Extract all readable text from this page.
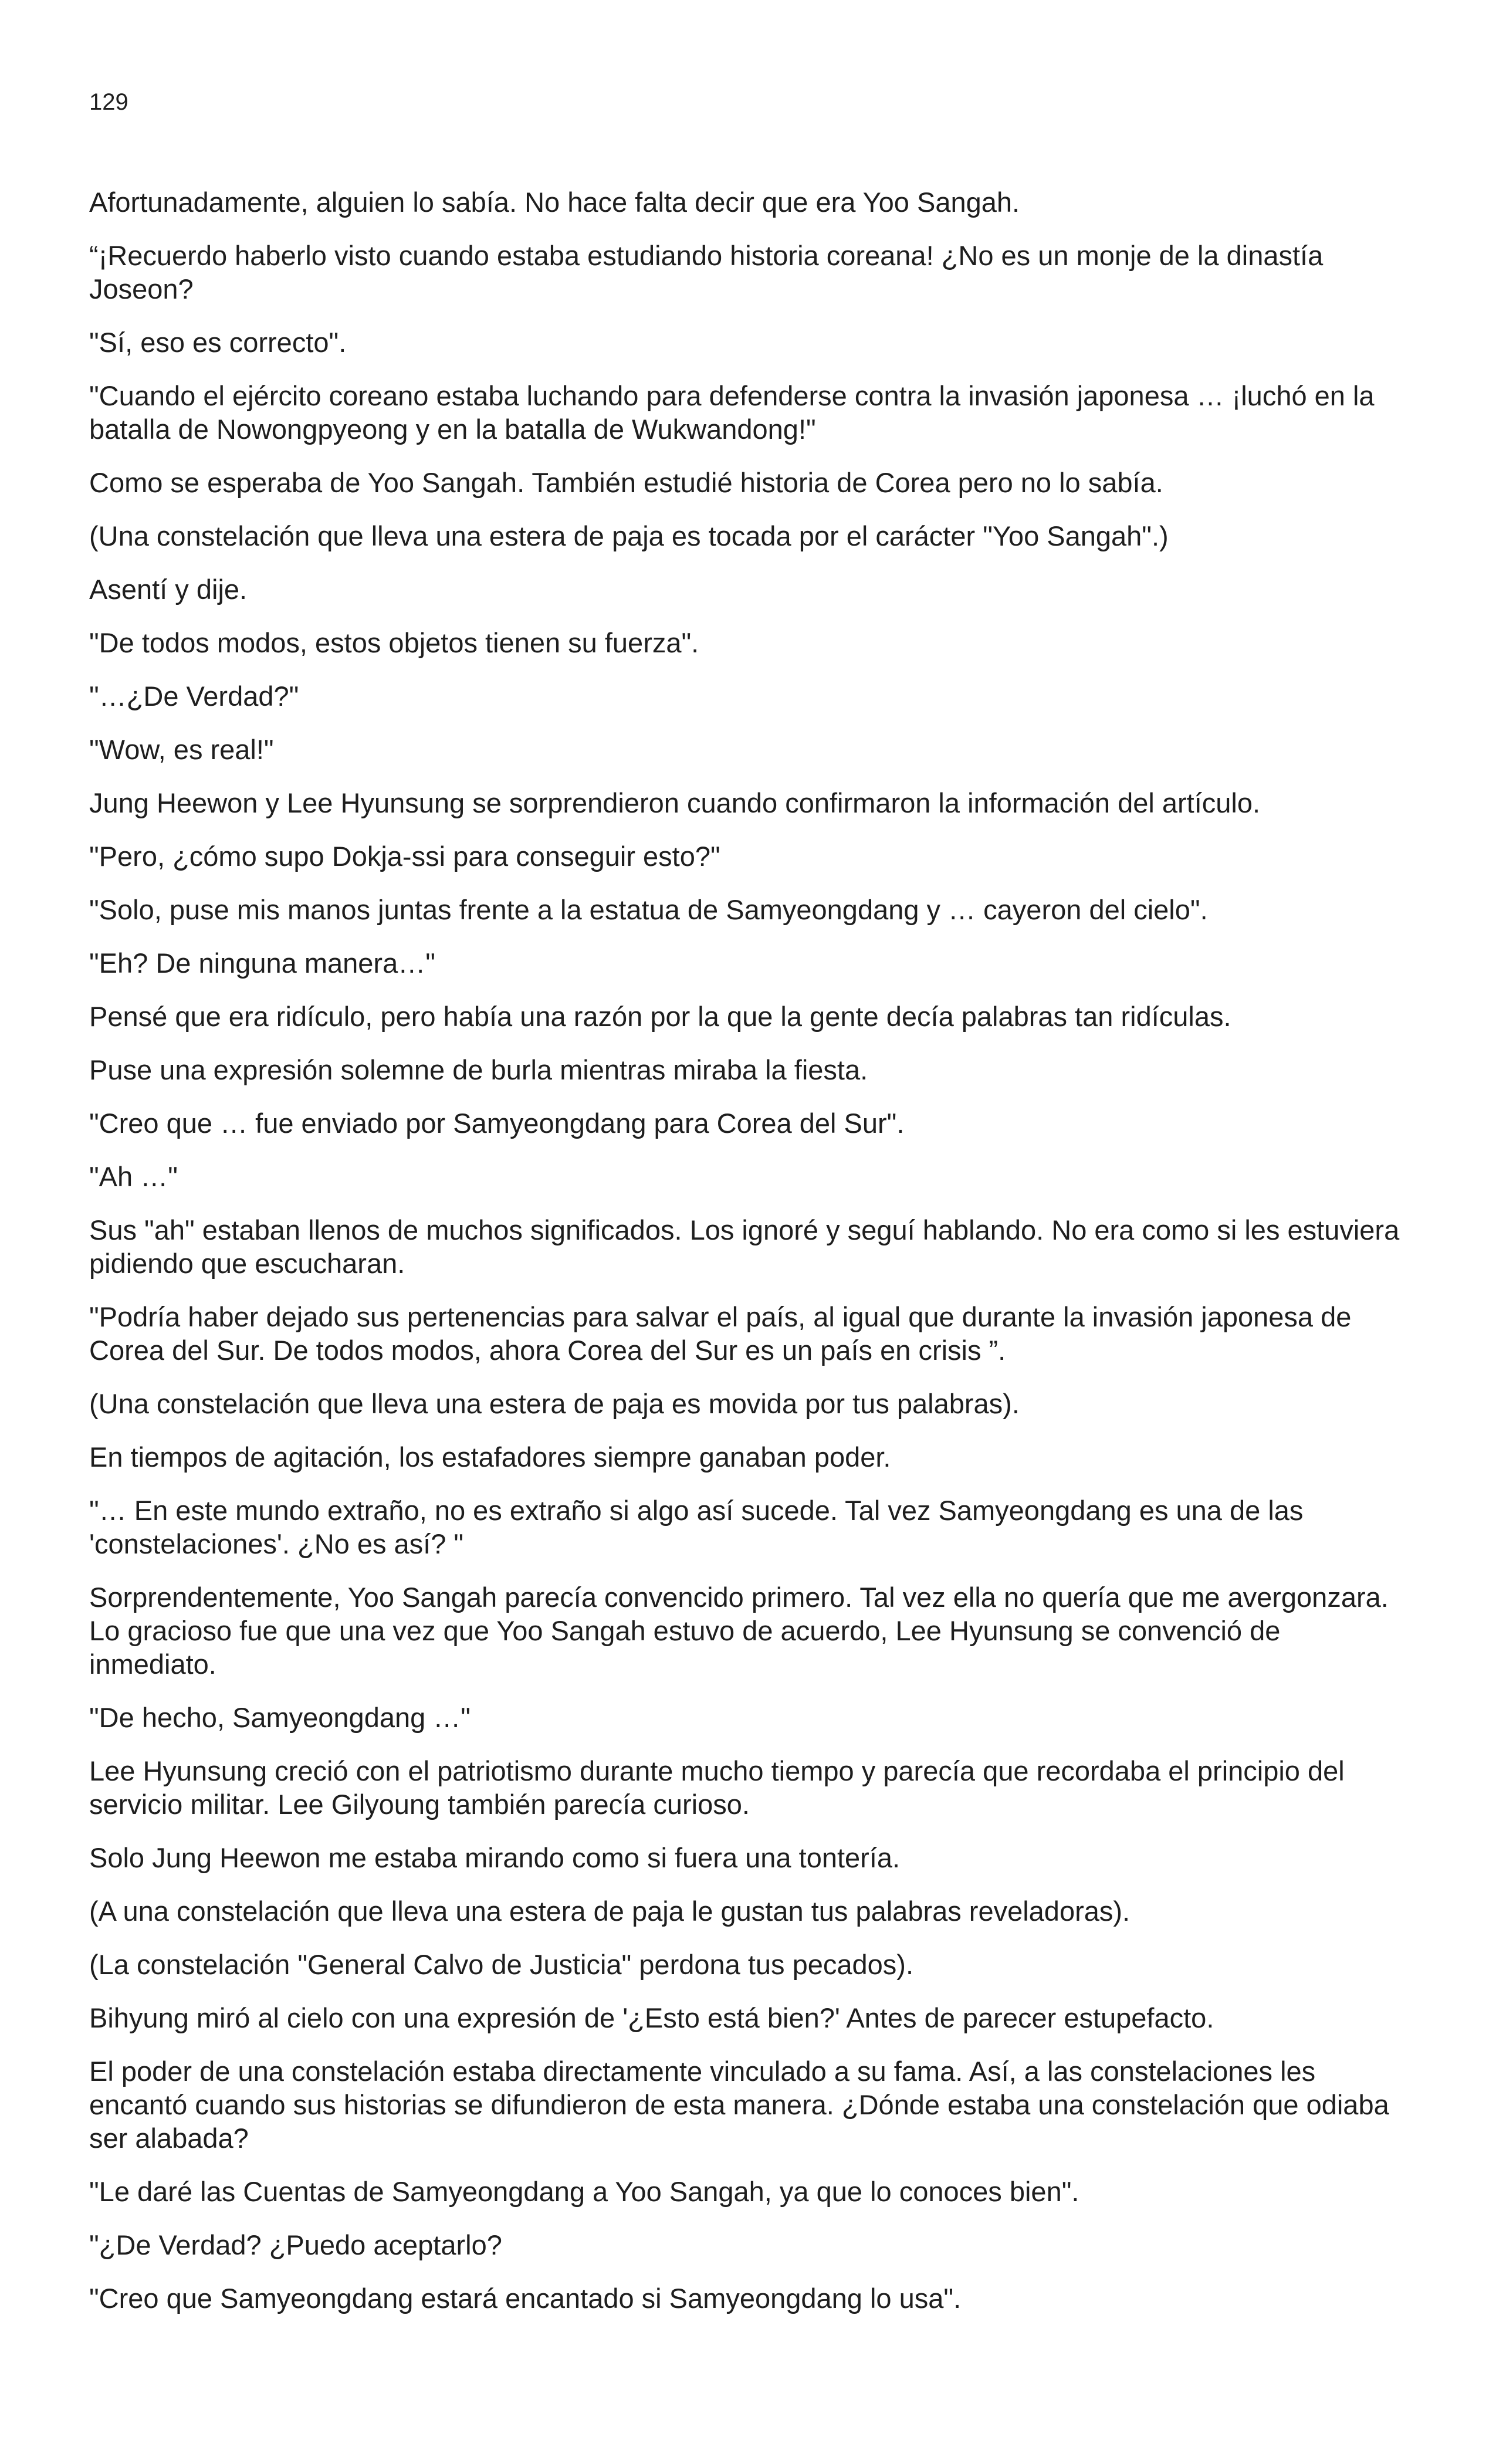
129

Afortunadamente, alguien lo sabía. No hace falta decir que era Yoo Sangah.

“¡Recuerdo haberlo visto cuando estaba estudiando historia coreana! ¿No es un monje de la dinastía Joseon?

"Sí, eso es correcto".

"Cuando el ejército coreano estaba luchando para defenderse contra la invasión japonesa … ¡luchó en la batalla de Nowongpyeong y en la batalla de Wukwandong!"

Como se esperaba de Yoo Sangah. También estudié historia de Corea pero no lo sabía.

(Una constelación que lleva una estera de paja es tocada por el carácter "Yoo Sangah".)

Asentí y dije.

"De todos modos, estos objetos tienen su fuerza".

"…¿De Verdad?"

"Wow, es real!"

Jung Heewon y Lee Hyunsung se sorprendieron cuando confirmaron la información del artículo.

"Pero, ¿cómo supo Dokja-ssi para conseguir esto?"

"Solo, puse mis manos juntas frente a la estatua de Samyeongdang y … cayeron del cielo".

"Eh? De ninguna manera…"

Pensé que era ridículo, pero había una razón por la que la gente decía palabras tan ridículas.

Puse una expresión solemne de burla mientras miraba la fiesta.

"Creo que … fue enviado por Samyeongdang para Corea del Sur".

"Ah …"

Sus "ah" estaban llenos de muchos significados. Los ignoré y seguí hablando. No era como si les estuviera pidiendo que escucharan.

"Podría haber dejado sus pertenencias para salvar el país, al igual que durante la invasión japonesa de Corea del Sur. De todos modos, ahora Corea del Sur es un país en crisis ”.

(Una constelación que lleva una estera de paja es movida por tus palabras).

En tiempos de agitación, los estafadores siempre ganaban poder.

"… En este mundo extraño, no es extraño si algo así sucede. Tal vez Samyeongdang es una de las 'constelaciones'. ¿No es así? "

Sorprendentemente, Yoo Sangah parecía convencido primero. Tal vez ella no quería que me avergonzara. Lo gracioso fue que una vez que Yoo Sangah estuvo de acuerdo, Lee Hyunsung se convenció de inmediato.

"De hecho, Samyeongdang …"

Lee Hyunsung creció con el patriotismo durante mucho tiempo y parecía que recordaba el principio del servicio militar. Lee Gilyoung también parecía curioso.

Solo Jung Heewon me estaba mirando como si fuera una tontería.

(A una constelación que lleva una estera de paja le gustan tus palabras reveladoras).

(La constelación "General Calvo de Justicia" perdona tus pecados).

Bihyung miró al cielo con una expresión de '¿Esto está bien?' Antes de parecer estupefacto.

El poder de una constelación estaba directamente vinculado a su fama. Así, a las constelaciones les encantó cuando sus historias se difundieron de esta manera. ¿Dónde estaba una constelación que odiaba ser alabada?

"Le daré las Cuentas de Samyeongdang a Yoo Sangah, ya que lo conoces bien".

"¿De Verdad? ¿Puedo aceptarlo?

"Creo que Samyeongdang estará encantado si Samyeongdang lo usa".
